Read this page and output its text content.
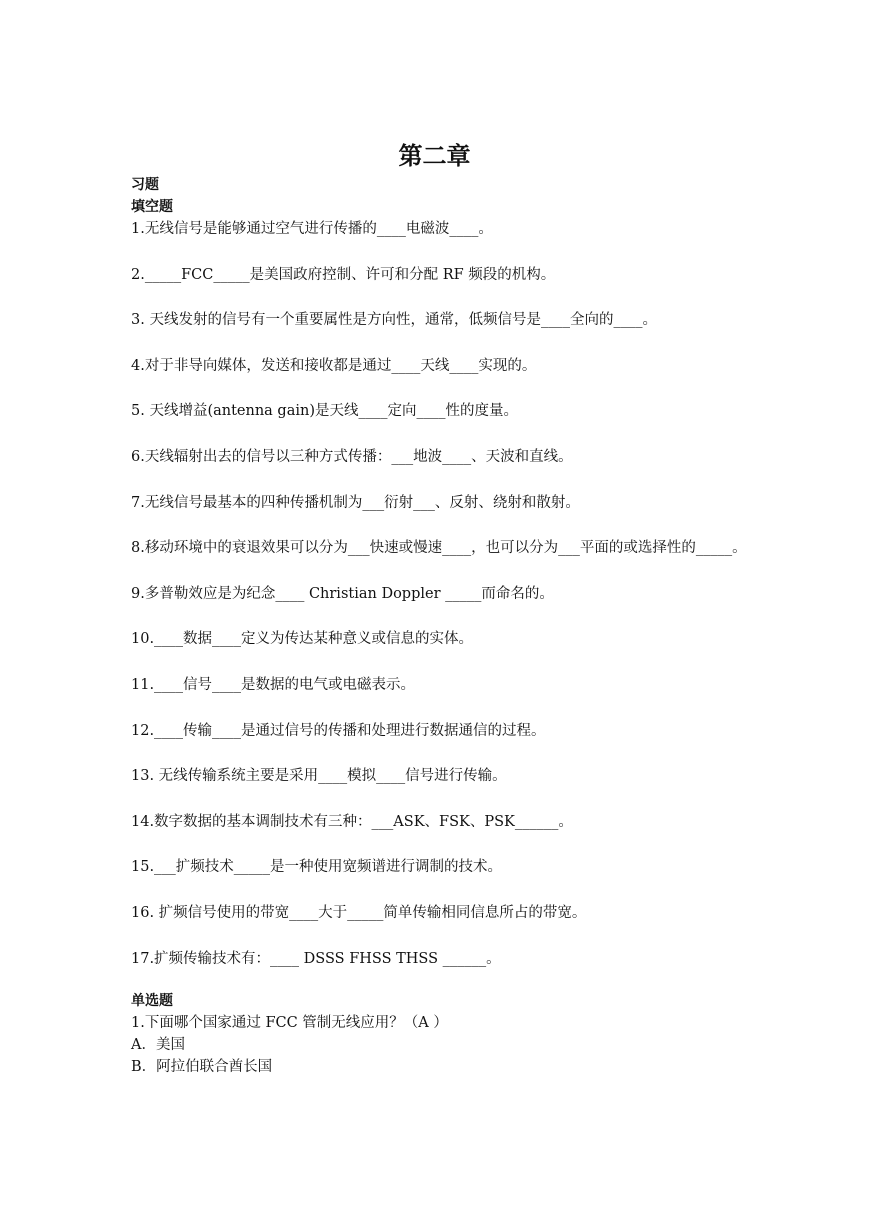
第二章

习题

填空题

1.无线信号是能够通过空气进行传播的____电磁波____。

2._____FCC_____是美国政府控制、许可和分配 RF 频段的机构。

3. 天线发射的信号有一个重要属性是方向性，通常，低频信号是____全向的____。

4.对于非导向媒体，发送和接收都是通过____天线____实现的。

5. 天线增益(antenna gain)是天线____定向____性的度量。

6.天线辐射出去的信号以三种方式传播：___地波____、天波和直线。

7.无线信号最基本的四种传播机制为___衍射___、反射、绕射和散射。

8.移动环境中的衰退效果可以分为___快速或慢速____，也可以分为___平面的或选择性的_____。

9.多普勒效应是为纪念____ Christian Doppler _____而命名的。

10.____数据____定义为传达某种意义或信息的实体。

11.____信号____是数据的电气或电磁表示。

12.____传输____是通过信号的传播和处理进行数据通信的过程。

13. 无线传输系统主要是采用____模拟____信号进行传输。

14.数字数据的基本调制技术有三种：___ASK、FSK、PSK______。

15.___扩频技术_____是一种使用宽频谱进行调制的技术。

16. 扩频信号使用的带宽____大于_____简单传输相同信息所占的带宽。

17.扩频传输技术有：____ DSSS FHSS THSS ______。

单选题

1.下面哪个国家通过 FCC 管制无线应用？（A ）

A．美国

B．阿拉伯联合酋长国
